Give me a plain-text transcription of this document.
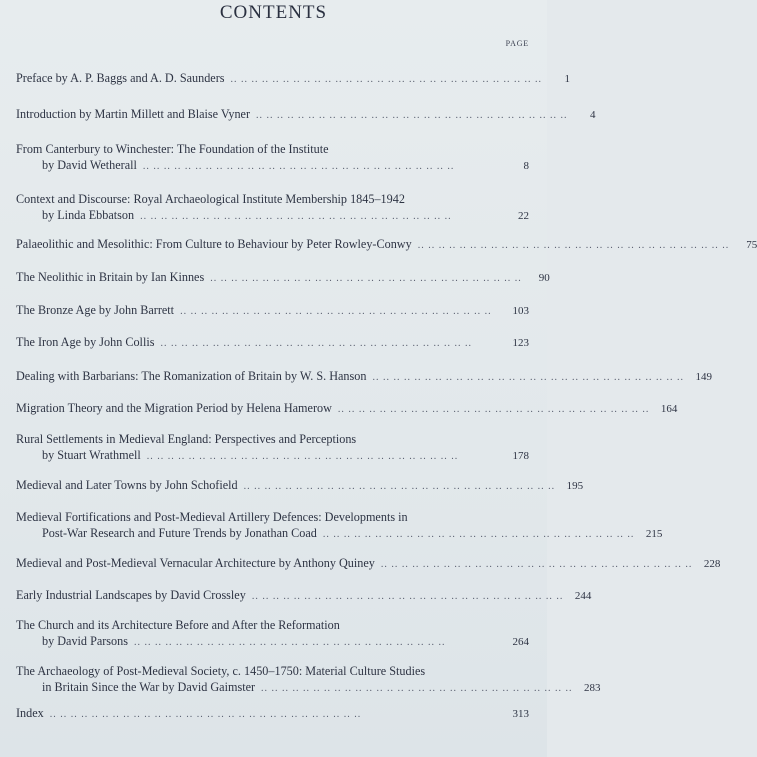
CONTENTS
PAGE
Preface by A. P. Baggs and A. D. Saunders .. .. .. .. .. .. .. .. .. .. .. .. .. .. .. .. .. .. .. .. .. .. .. .. .. .. .. .. .. ..	1
Introduction by Martin Millett and Blaise Vyner .. .. .. .. .. .. .. .. .. .. .. .. .. .. .. .. .. .. .. .. .. .. .. .. .. .. .. .. .. ..	4
From Canterbury to Winchester: The Foundation of the Institute
by David Wetherall .. .. .. .. .. .. .. .. .. .. .. .. .. .. .. .. .. .. .. .. .. .. .. .. .. .. .. .. .. ..	8
Context and Discourse: Royal Archaeological Institute Membership 1845–1942
by Linda Ebbatson .. .. .. .. .. .. .. .. .. .. .. .. .. .. .. .. .. .. .. .. .. .. .. .. .. .. .. .. .. ..	22
Palaeolithic and Mesolithic: From Culture to Behaviour by Peter Rowley-Conwy .. .. .. .. .. .. .. .. .. .. .. .. .. .. .. .. .. .. .. .. .. .. .. .. .. .. .. .. .. ..	75
The Neolithic in Britain by Ian Kinnes .. .. .. .. .. .. .. .. .. .. .. .. .. .. .. .. .. .. .. .. .. .. .. .. .. .. .. .. .. ..	90
The Bronze Age by John Barrett .. .. .. .. .. .. .. .. .. .. .. .. .. .. .. .. .. .. .. .. .. .. .. .. .. .. .. .. .. ..	103
The Iron Age by John Collis .. .. .. .. .. .. .. .. .. .. .. .. .. .. .. .. .. .. .. .. .. .. .. .. .. .. .. .. .. ..	123
Dealing with Barbarians: The Romanization of Britain by W. S. Hanson .. .. .. .. .. .. .. .. .. .. .. .. .. .. .. .. .. .. .. .. .. .. .. .. .. .. .. .. .. ..	149
Migration Theory and the Migration Period by Helena Hamerow .. .. .. .. .. .. .. .. .. .. .. .. .. .. .. .. .. .. .. .. .. .. .. .. .. .. .. .. .. ..	164
Rural Settlements in Medieval England: Perspectives and Perceptions
by Stuart Wrathmell .. .. .. .. .. .. .. .. .. .. .. .. .. .. .. .. .. .. .. .. .. .. .. .. .. .. .. .. .. ..	178
Medieval and Later Towns by John Schofield .. .. .. .. .. .. .. .. .. .. .. .. .. .. .. .. .. .. .. .. .. .. .. .. .. .. .. .. .. ..	195
Medieval Fortifications and Post-Medieval Artillery Defences: Developments in
Post-War Research and Future Trends by Jonathan Coad .. .. .. .. .. .. .. .. .. .. .. .. .. .. .. .. .. .. .. .. .. .. .. .. .. .. .. .. .. ..	215
Medieval and Post-Medieval Vernacular Architecture by Anthony Quiney .. .. .. .. .. .. .. .. .. .. .. .. .. .. .. .. .. .. .. .. .. .. .. .. .. .. .. .. .. ..	228
Early Industrial Landscapes by David Crossley .. .. .. .. .. .. .. .. .. .. .. .. .. .. .. .. .. .. .. .. .. .. .. .. .. .. .. .. .. ..	244
The Church and its Architecture Before and After the Reformation
by David Parsons .. .. .. .. .. .. .. .. .. .. .. .. .. .. .. .. .. .. .. .. .. .. .. .. .. .. .. .. .. ..	264
The Archaeology of Post-Medieval Society, c. 1450–1750: Material Culture Studies
in Britain Since the War by David Gaimster .. .. .. .. .. .. .. .. .. .. .. .. .. .. .. .. .. .. .. .. .. .. .. .. .. .. .. .. .. ..	283
Index .. .. .. .. .. .. .. .. .. .. .. .. .. .. .. .. .. .. .. .. .. .. .. .. .. .. .. .. .. ..	313
